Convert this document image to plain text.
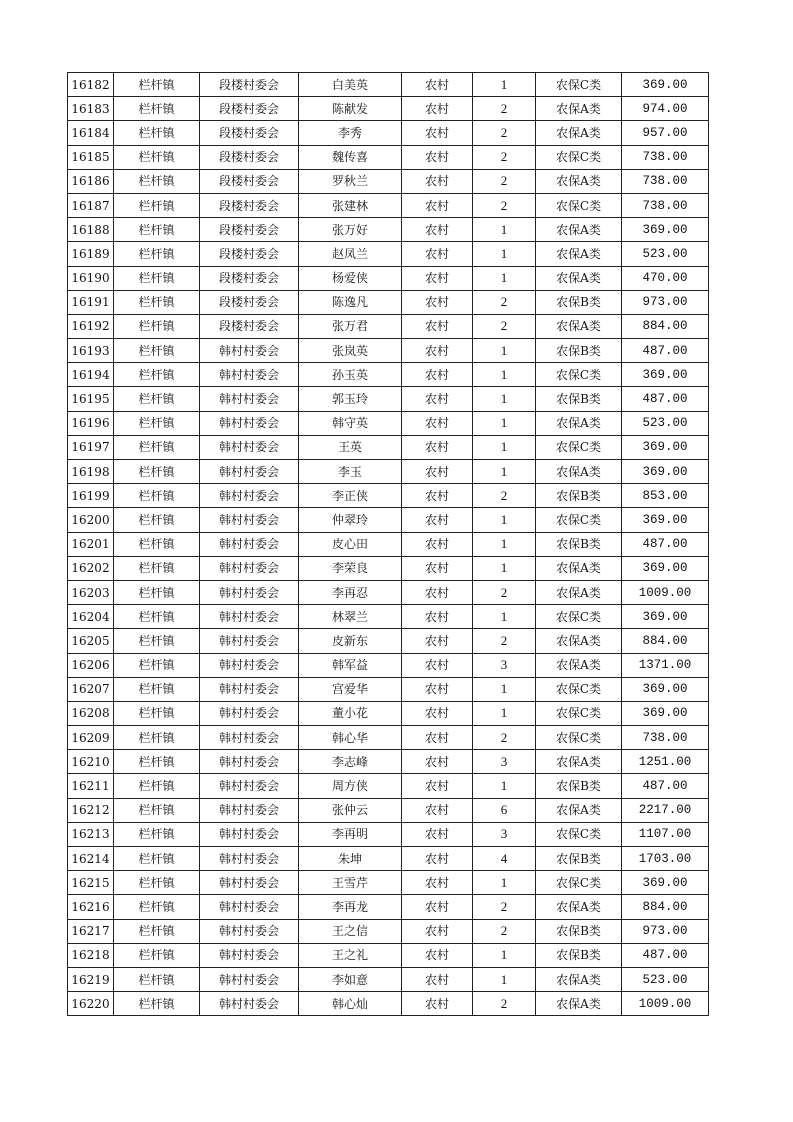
16182	栏杆镇	段楼村委会	白美英	农村	1	农保C类	369.00
16183	栏杆镇	段楼村委会	陈献发	农村	2	农保A类	974.00
16184	栏杆镇	段楼村委会	李秀	农村	2	农保A类	957.00
16185	栏杆镇	段楼村委会	魏传喜	农村	2	农保C类	738.00
16186	栏杆镇	段楼村委会	罗秋兰	农村	2	农保A类	738.00
16187	栏杆镇	段楼村委会	张建林	农村	2	农保C类	738.00
16188	栏杆镇	段楼村委会	张万好	农村	1	农保A类	369.00
16189	栏杆镇	段楼村委会	赵凤兰	农村	1	农保A类	523.00
16190	栏杆镇	段楼村委会	杨爱侠	农村	1	农保A类	470.00
16191	栏杆镇	段楼村委会	陈逸凡	农村	2	农保B类	973.00
16192	栏杆镇	段楼村委会	张万君	农村	2	农保A类	884.00
16193	栏杆镇	韩村村委会	张岚英	农村	1	农保B类	487.00
16194	栏杆镇	韩村村委会	孙玉英	农村	1	农保C类	369.00
16195	栏杆镇	韩村村委会	郭玉玲	农村	1	农保B类	487.00
16196	栏杆镇	韩村村委会	韩守英	农村	1	农保A类	523.00
16197	栏杆镇	韩村村委会	王英	农村	1	农保C类	369.00
16198	栏杆镇	韩村村委会	李玉	农村	1	农保A类	369.00
16199	栏杆镇	韩村村委会	李正侠	农村	2	农保B类	853.00
16200	栏杆镇	韩村村委会	仲翠玲	农村	1	农保C类	369.00
16201	栏杆镇	韩村村委会	皮心田	农村	1	农保B类	487.00
16202	栏杆镇	韩村村委会	李荣良	农村	1	农保A类	369.00
16203	栏杆镇	韩村村委会	李再忍	农村	2	农保A类	1009.00
16204	栏杆镇	韩村村委会	林翠兰	农村	1	农保C类	369.00
16205	栏杆镇	韩村村委会	皮新东	农村	2	农保A类	884.00
16206	栏杆镇	韩村村委会	韩军益	农村	3	农保A类	1371.00
16207	栏杆镇	韩村村委会	宫爱华	农村	1	农保C类	369.00
16208	栏杆镇	韩村村委会	董小花	农村	1	农保C类	369.00
16209	栏杆镇	韩村村委会	韩心华	农村	2	农保C类	738.00
16210	栏杆镇	韩村村委会	李志峰	农村	3	农保A类	1251.00
16211	栏杆镇	韩村村委会	周方侠	农村	1	农保B类	487.00
16212	栏杆镇	韩村村委会	张仲云	农村	6	农保A类	2217.00
16213	栏杆镇	韩村村委会	李再明	农村	3	农保C类	1107.00
16214	栏杆镇	韩村村委会	朱坤	农村	4	农保B类	1703.00
16215	栏杆镇	韩村村委会	王雪芹	农村	1	农保C类	369.00
16216	栏杆镇	韩村村委会	李再龙	农村	2	农保A类	884.00
16217	栏杆镇	韩村村委会	王之信	农村	2	农保B类	973.00
16218	栏杆镇	韩村村委会	王之礼	农村	1	农保B类	487.00
16219	栏杆镇	韩村村委会	李如意	农村	1	农保A类	523.00
16220	栏杆镇	韩村村委会	韩心灿	农村	2	农保A类	1009.00
